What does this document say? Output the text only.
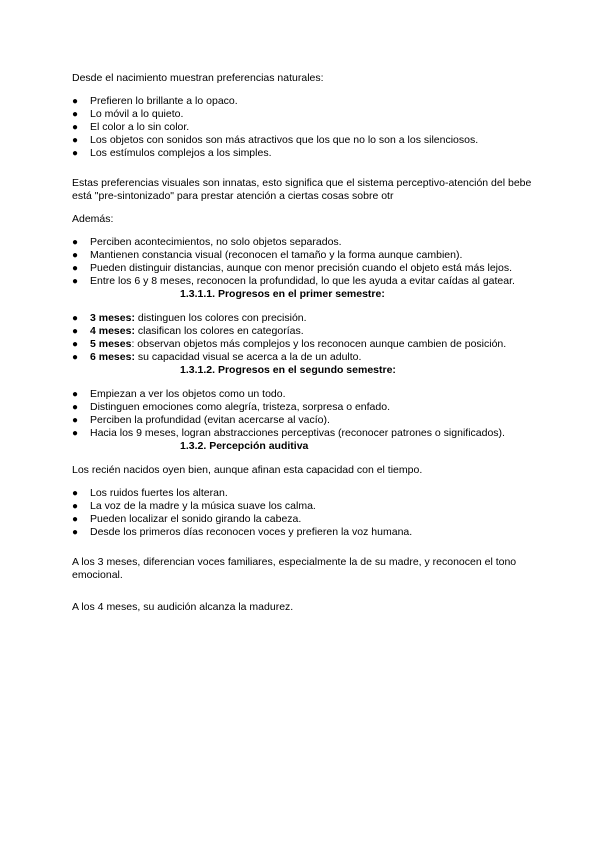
Desde el nacimiento muestran preferencias naturales:

● Prefieren lo brillante a lo opaco.
● Lo móvil a lo quieto.
● El color a lo sin color.
● Los objetos con sonidos son más atractivos que los que no lo son a los silenciosos.
● Los estímulos complejos a los simples.

Estas preferencias visuales son innatas, esto significa que el sistema perceptivo-atención del bebe está "pre-sintonizado" para prestar atención a ciertas cosas sobre otr

Además:

● Perciben acontecimientos, no solo objetos separados.
● Mantienen constancia visual (reconocen el tamaño y la forma aunque cambien).
● Pueden distinguir distancias, aunque con menor precisión cuando el objeto está más lejos.
● Entre los 6 y 8 meses, reconocen la profundidad, lo que les ayuda a evitar caídas al gatear.
1.3.1.1. Progresos en el primer semestre:
● 3 meses: distinguen los colores con precisión.
● 4 meses: clasifican los colores en categorías.
● 5 meses: observan objetos más complejos y los reconocen aunque cambien de posición.
● 6 meses: su capacidad visual se acerca a la de un adulto.
1.3.1.2. Progresos en el segundo semestre:
● Empiezan a ver los objetos como un todo.
● Distinguen emociones como alegría, tristeza, sorpresa o enfado.
● Perciben la profundidad (evitan acercarse al vacío).
● Hacia los 9 meses, logran abstracciones perceptivas (reconocer patrones o significados).
1.3.2. Percepción auditiva

Los recién nacidos oyen bien, aunque afinan esta capacidad con el tiempo.

● Los ruidos fuertes los alteran.
● La voz de la madre y la música suave los calma.
● Pueden localizar el sonido girando la cabeza.
● Desde los primeros días reconocen voces y prefieren la voz humana.

A los 3 meses, diferencian voces familiares, especialmente la de su madre, y reconocen el tono emocional.

A los 4 meses, su audición alcanza la madurez.
